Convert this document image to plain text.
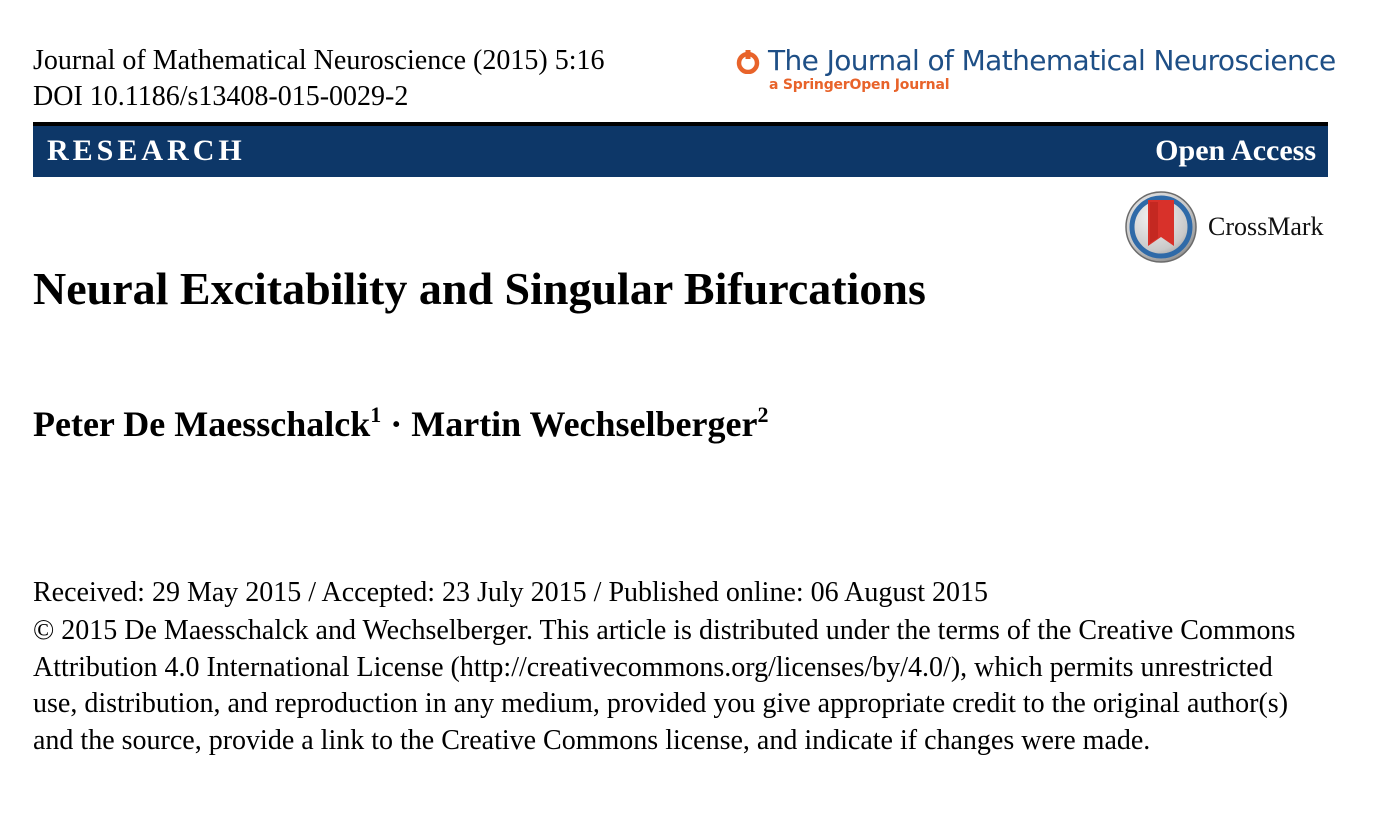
Journal of Mathematical Neuroscience (2015) 5:16
DOI 10.1186/s13408-015-0029-2
The Journal of Mathematical Neuroscience
a SpringerOpen Journal
RESEARCH	Open Access
CrossMark
Neural Excitability and Singular Bifurcations
Peter De Maesschalck$^1$ · Martin Wechselberger$^2$
Received: 29 May 2015 / Accepted: 23 July 2015 / Published online: 06 August 2015

© 2015 De Maesschalck and Wechselberger. This article is distributed under the terms of the Creative Commons Attribution 4.0 International License (http://creativecommons.org/licenses/by/4.0/), which permits unrestricted use, distribution, and reproduction in any medium, provided you give appropriate credit to the original author(s) and the source, provide a link to the Creative Commons license, and indicate if changes were made.
